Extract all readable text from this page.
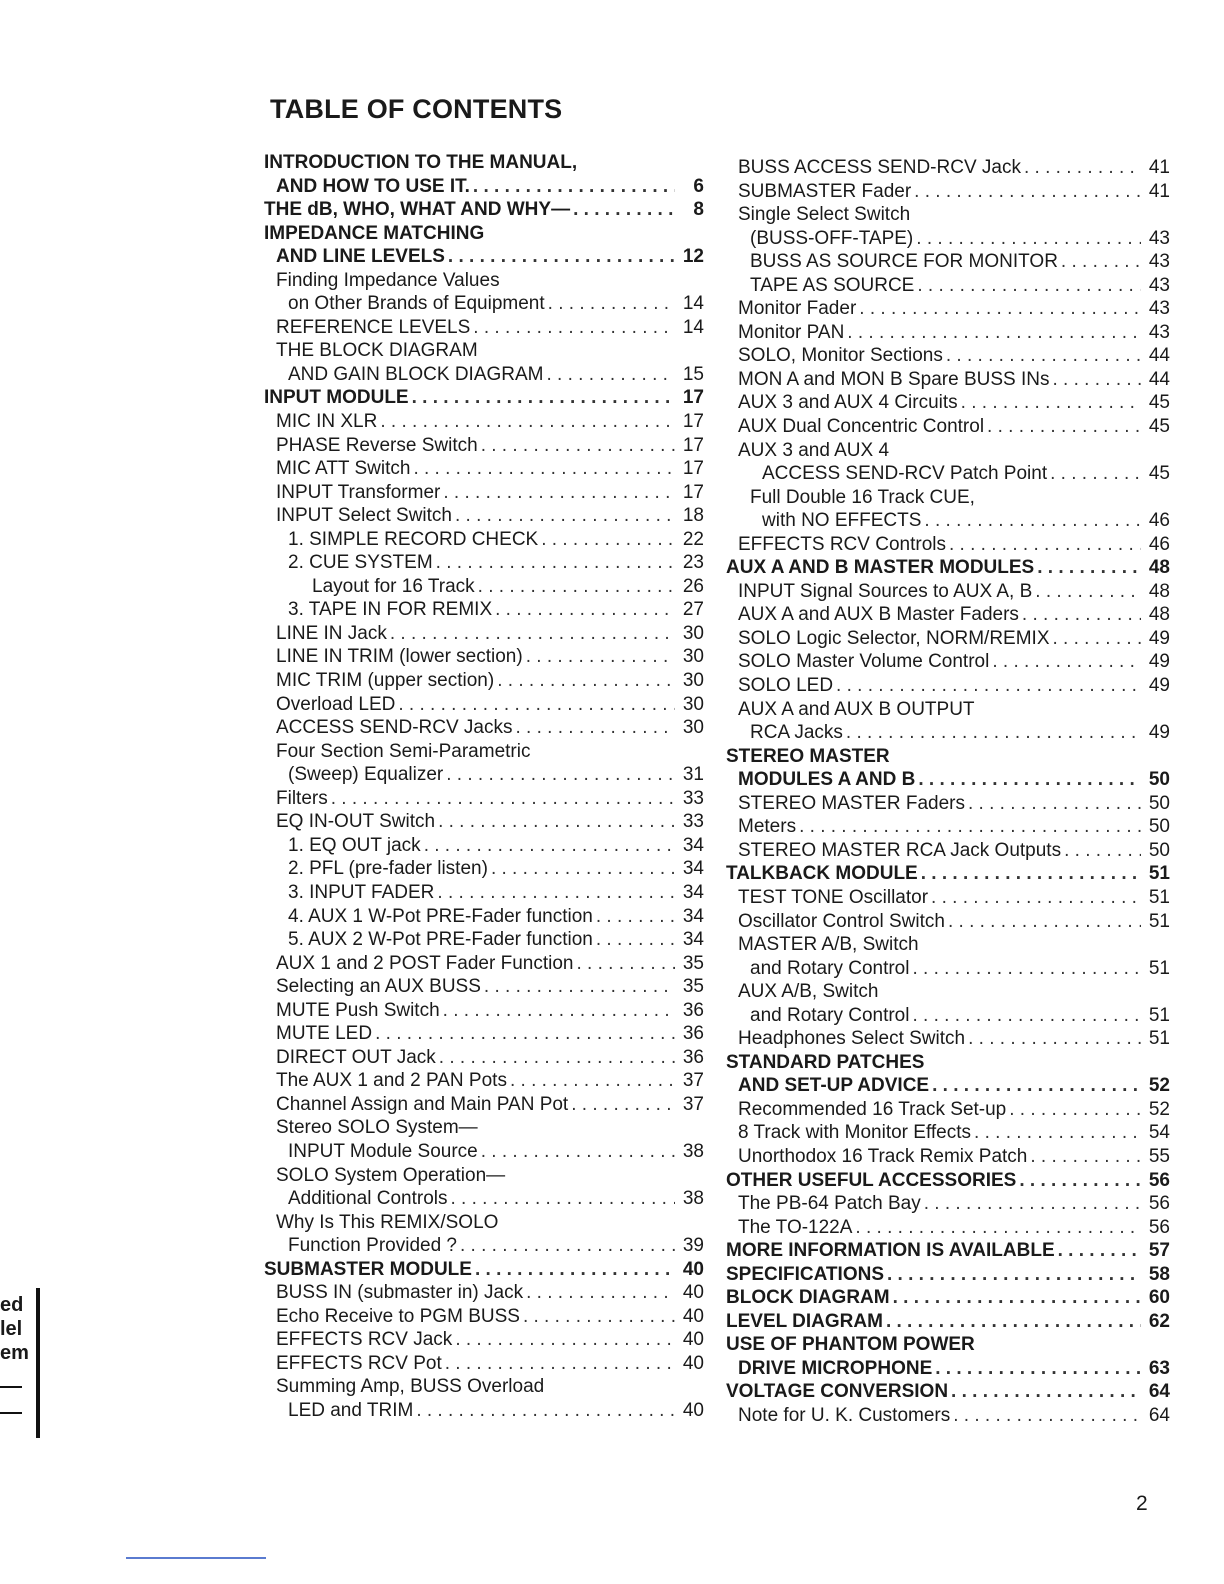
TABLE OF CONTENTS
INTRODUCTION TO THE MANUAL,
AND HOW TO USE IT. . . .	6
THE dB, WHO, WHAT AND WHY— . . .	8
IMPEDANCE MATCHING
AND LINE LEVELS . . .	12
Finding Impedance Values
on Other Brands of Equipment . . .	14
REFERENCE LEVELS . . .	14
THE BLOCK DIAGRAM
AND GAIN BLOCK DIAGRAM . . .	15
INPUT MODULE . . .	17
MIC IN XLR . . .	17
PHASE Reverse Switch . . .	17
MIC ATT Switch . . .	17
INPUT Transformer . . .	17
INPUT Select Switch . . .	18
1. SIMPLE RECORD CHECK . . .	22
2. CUE SYSTEM . . .	23
Layout for 16 Track . . .	26
3. TAPE IN FOR REMIX . . .	27
LINE IN Jack . . .	30
LINE IN TRIM (lower section) . . .	30
MIC TRIM (upper section) . . .	30
Overload LED . . .	30
ACCESS SEND-RCV Jacks . . .	30
Four Section Semi-Parametric
(Sweep) Equalizer . . .	31
Filters . . .	33
EQ IN-OUT Switch . . .	33
1. EQ OUT jack . . .	34
2. PFL (pre-fader listen) . . .	34
3. INPUT FADER . . .	34
4. AUX 1 W-Pot PRE-Fader function . . .	34
5. AUX 2 W-Pot PRE-Fader function . . .	34
AUX 1 and 2 POST Fader Function . . .	35
Selecting an AUX BUSS . . .	35
MUTE Push Switch . . .	36
MUTE LED . . .	36
DIRECT OUT Jack . . .	36
The AUX 1 and 2 PAN Pots . . .	37
Channel Assign and Main PAN Pot . . .	37
Stereo SOLO System—
INPUT Module Source . . .	38
SOLO System Operation—
Additional Controls . . .	38
Why Is This REMIX/SOLO
Function Provided ? . . .	39
SUBMASTER MODULE . . .	40
BUSS IN (submaster in) Jack . . .	40
Echo Receive to PGM BUSS . . .	40
EFFECTS RCV Jack . . .	40
EFFECTS RCV Pot . . .	40
Summing Amp, BUSS Overload
LED and TRIM . . .	40
BUSS ACCESS SEND-RCV Jack . . .	41
SUBMASTER Fader . . .	41
Single Select Switch
(BUSS-OFF-TAPE) . . .	43
BUSS AS SOURCE FOR MONITOR . . .	43
TAPE AS SOURCE . . .	43
Monitor Fader . . .	43
Monitor PAN . . .	43
SOLO, Monitor Sections . . .	44
MON A and MON B Spare BUSS INs . . .	44
AUX 3 and AUX 4 Circuits . . .	45
AUX Dual Concentric Control . . .	45
AUX 3 and AUX 4
ACCESS SEND-RCV Patch Point . . .	45
Full Double 16 Track CUE,
with NO EFFECTS . . .	46
EFFECTS RCV Controls . . .	46
AUX A AND B MASTER MODULES . . .	48
INPUT Signal Sources to AUX A, B . . .	48
AUX A and AUX B Master Faders . . .	48
SOLO Logic Selector, NORM/REMIX . . .	49
SOLO Master Volume Control . . .	49
SOLO LED . . .	49
AUX A and AUX B OUTPUT
RCA Jacks . . .	49
STEREO MASTER
MODULES A AND B . . .	50
STEREO MASTER Faders . . .	50
Meters . . .	50
STEREO MASTER RCA Jack Outputs . . .	50
TALKBACK MODULE . . .	51
TEST TONE Oscillator . . .	51
Oscillator Control Switch . . .	51
MASTER A/B, Switch
and Rotary Control . . .	51
AUX A/B, Switch
and Rotary Control . . .	51
Headphones Select Switch . . .	51
STANDARD PATCHES
AND SET-UP ADVICE . . .	52
Recommended 16 Track Set-up . . .	52
8 Track with Monitor Effects . . .	54
Unorthodox 16 Track Remix Patch . . .	55
OTHER USEFUL ACCESSORIES . . .	56
The PB-64 Patch Bay . . .	56
The TO-122A . . .	56
MORE INFORMATION IS AVAILABLE . . .	57
SPECIFICATIONS . . .	58
BLOCK DIAGRAM . . .	60
LEVEL DIAGRAM . . .	62
USE OF PHANTOM POWER
DRIVE MICROPHONE . . .	63
VOLTAGE CONVERSION . . .	64
Note for U. K. Customers . . .	64
ed
lel
em
2
